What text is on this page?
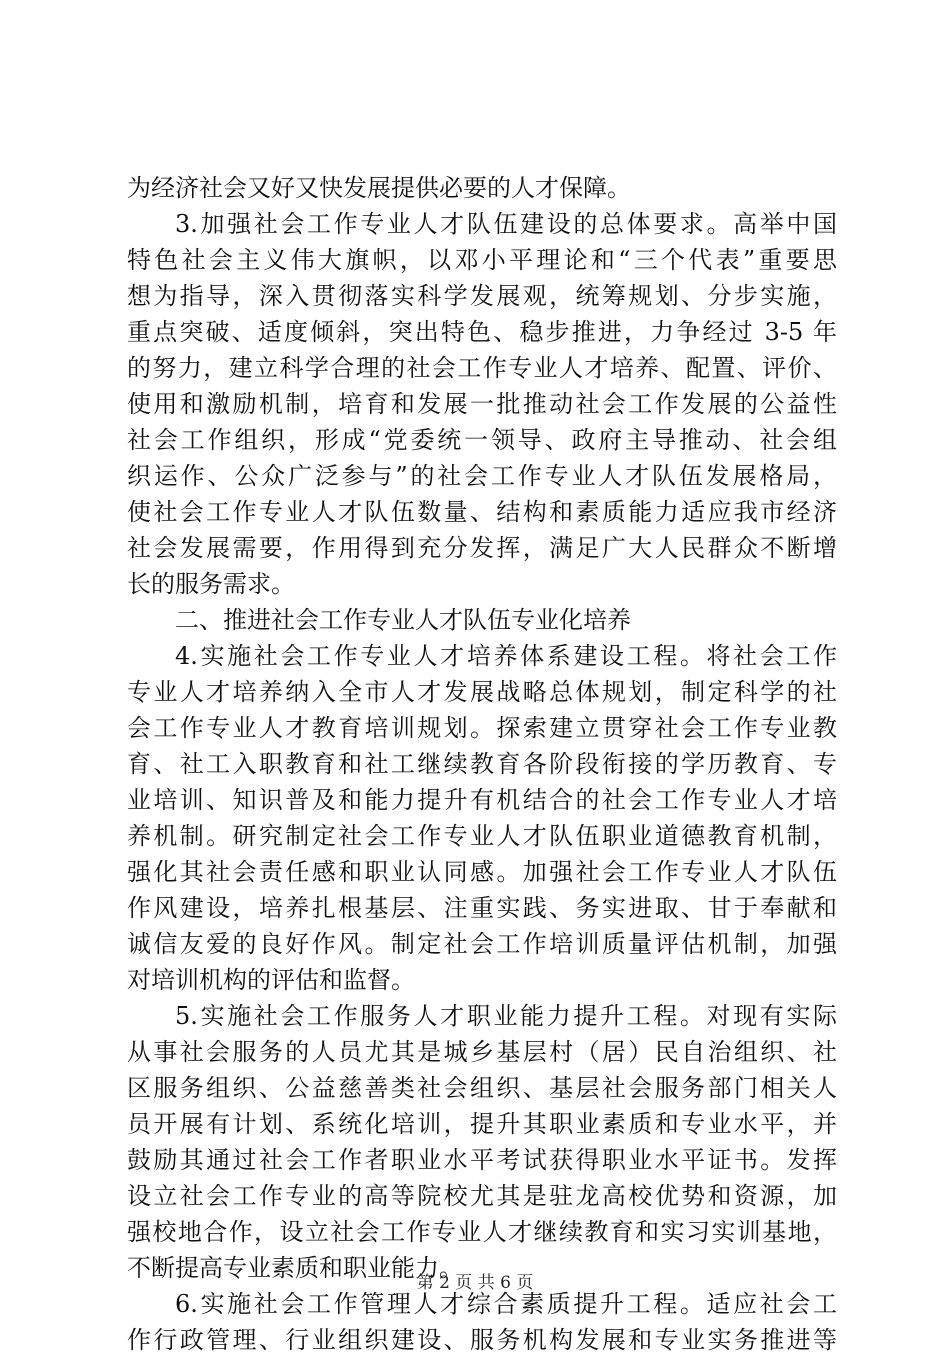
为经济社会又好又快发展提供必要的人才保障。
3.加强社会工作专业人才队伍建设的总体要求。高举中国
特色社会主义伟大旗帜，以邓小平理论和“三个代表”重要思
想为指导，深入贯彻落实科学发展观，统筹规划、分步实施，
重点突破、适度倾斜，突出特色、稳步推进，力争经过 3-5 年
的努力，建立科学合理的社会工作专业人才培养、配置、评价、
使用和激励机制，培育和发展一批推动社会工作发展的公益性
社会工作组织，形成“党委统一领导、政府主导推动、社会组
织运作、公众广泛参与”的社会工作专业人才队伍发展格局，
使社会工作专业人才队伍数量、结构和素质能力适应我市经济
社会发展需要，作用得到充分发挥，满足广大人民群众不断增
长的服务需求。
二、推进社会工作专业人才队伍专业化培养
4.实施社会工作专业人才培养体系建设工程。将社会工作
专业人才培养纳入全市人才发展战略总体规划，制定科学的社
会工作专业人才教育培训规划。探索建立贯穿社会工作专业教
育、社工入职教育和社工继续教育各阶段衔接的学历教育、专
业培训、知识普及和能力提升有机结合的社会工作专业人才培
养机制。研究制定社会工作专业人才队伍职业道德教育机制，
强化其社会责任感和职业认同感。加强社会工作专业人才队伍
作风建设，培养扎根基层、注重实践、务实进取、甘于奉献和
诚信友爱的良好作风。制定社会工作培训质量评估机制，加强
对培训机构的评估和监督。
5.实施社会工作服务人才职业能力提升工程。对现有实际
从事社会服务的人员尤其是城乡基层村（居）民自治组织、社
区服务组织、公益慈善类社会组织、基层社会服务部门相关人
员开展有计划、系统化培训，提升其职业素质和专业水平，并
鼓励其通过社会工作者职业水平考试获得职业水平证书。发挥
设立社会工作专业的高等院校尤其是驻龙高校优势和资源，加
强校地合作，设立社会工作专业人才继续教育和实习实训基地，
不断提高专业素质和职业能力。
6.实施社会工作管理人才综合素质提升工程。适应社会工
作行政管理、行业组织建设、服务机构发展和专业实务推进等
第 2 页 共 6 页
